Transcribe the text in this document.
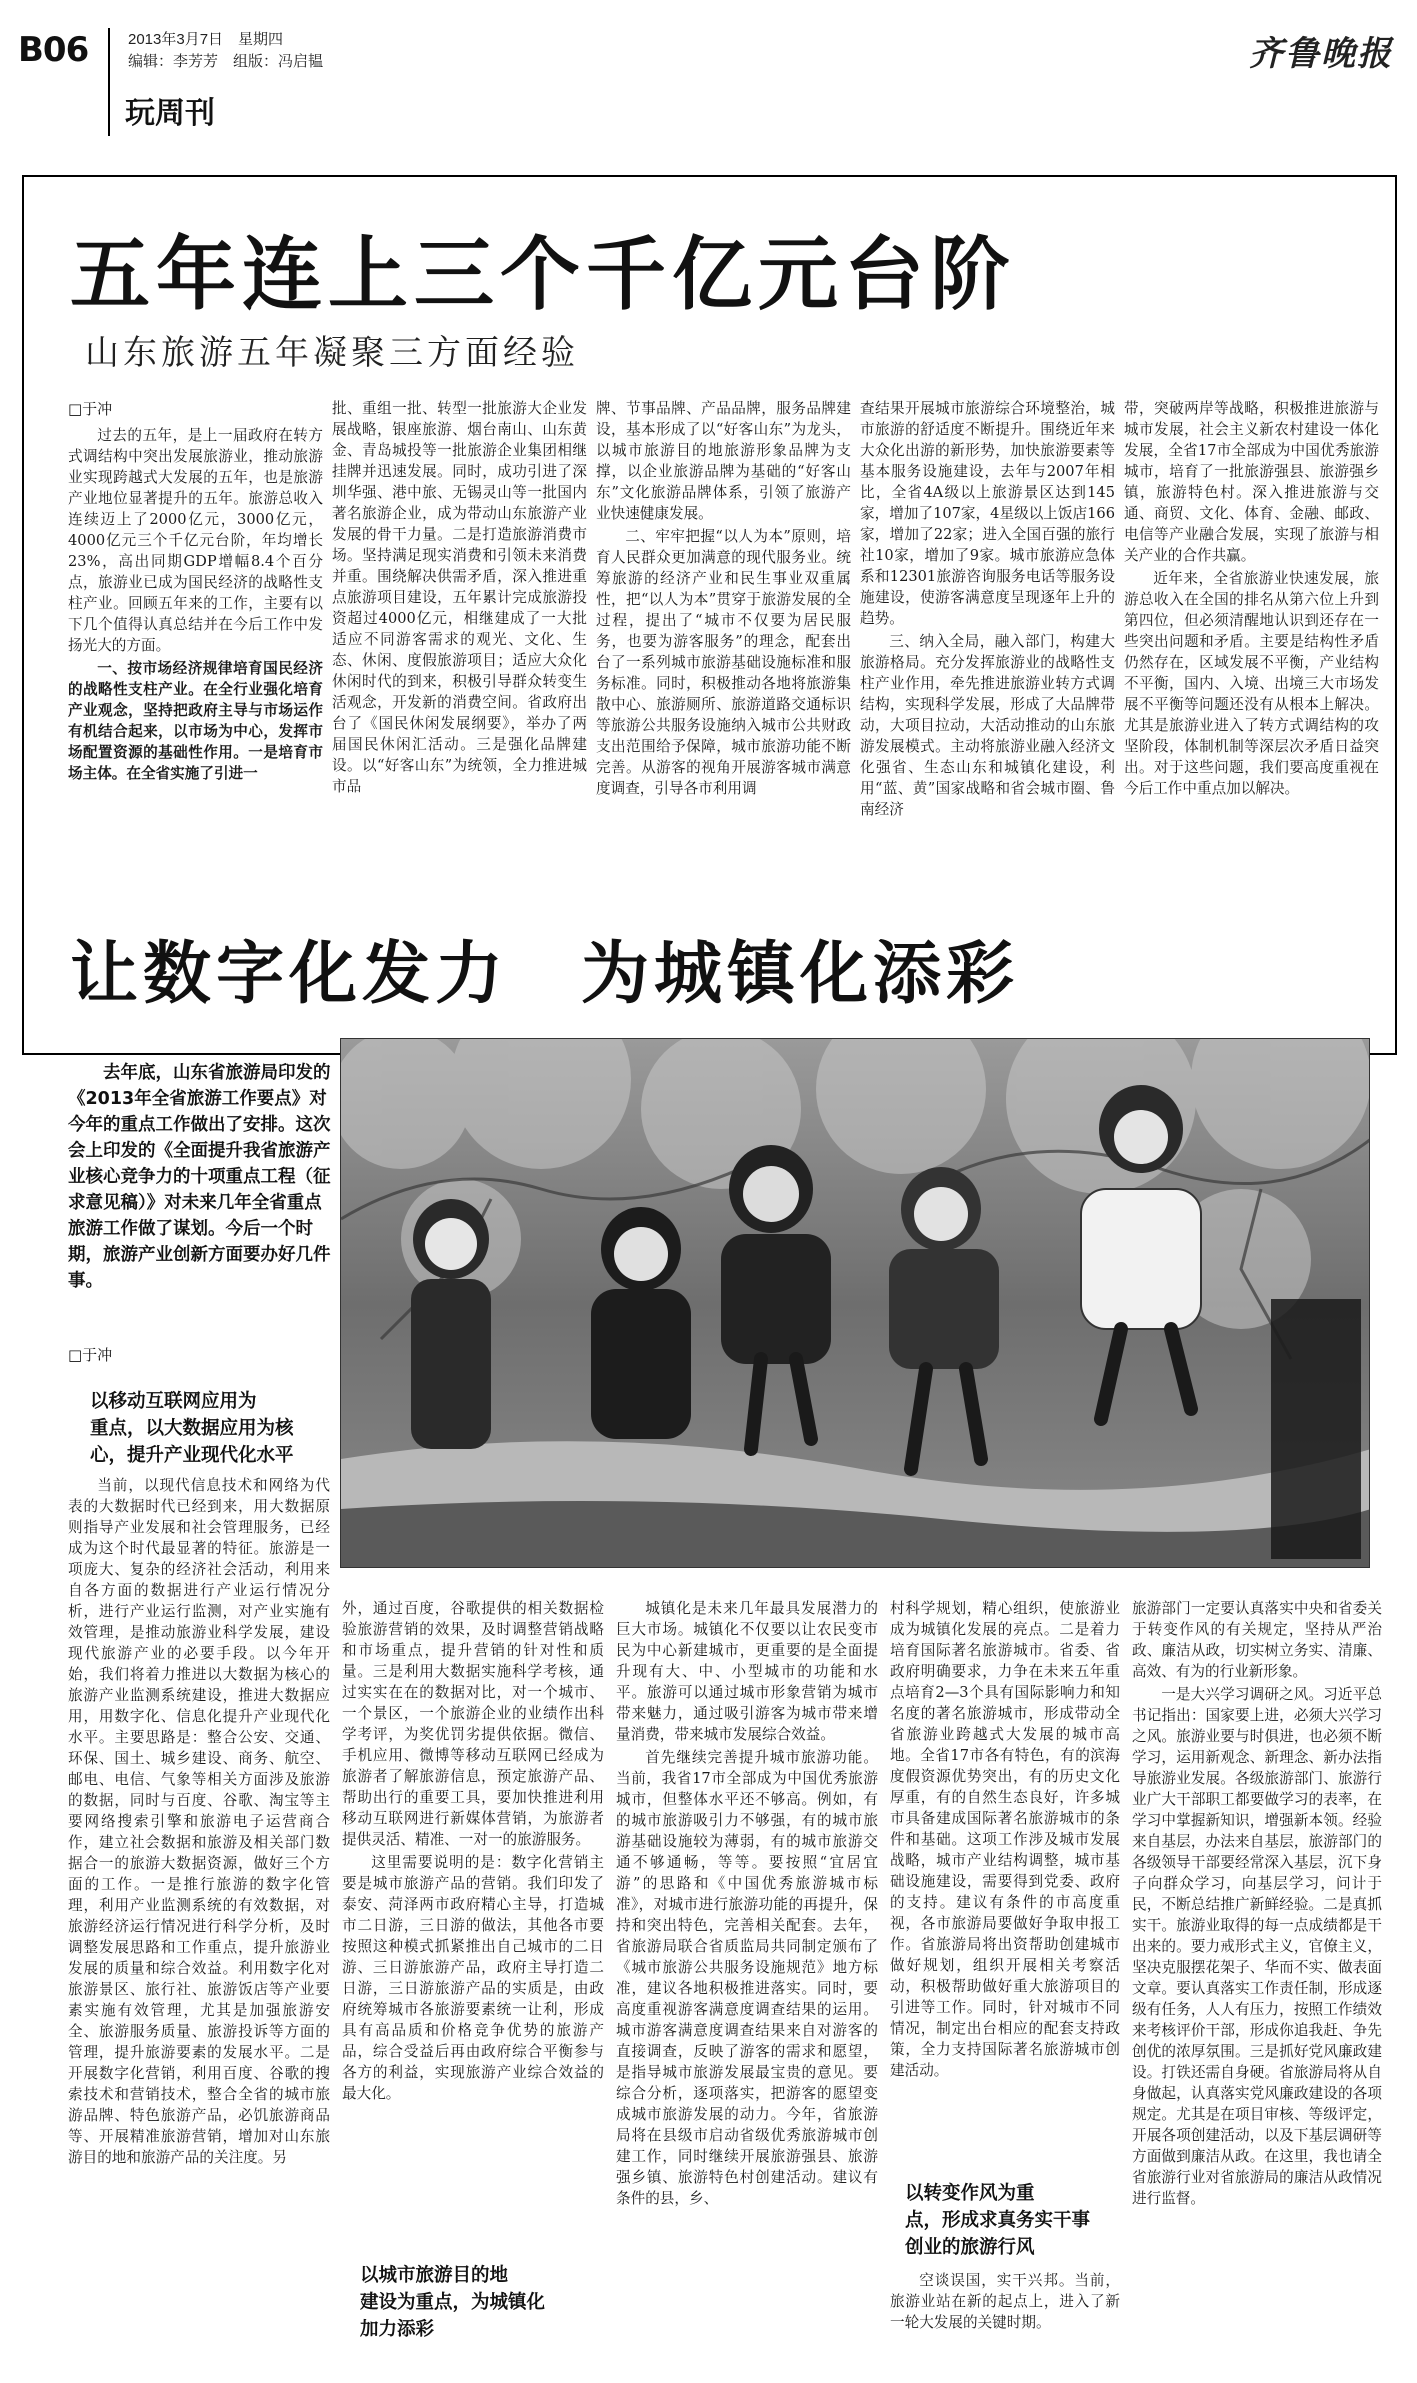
B06	2013年3月7日　星期四
编辑：李芳芳　组版：冯启韫
玩周刊
齐鲁晚报
五年连上三个千亿元台阶
山东旅游五年凝聚三方面经验
□于冲

过去的五年，是上一届政府在转方式调结构中突出发展旅游业，推动旅游业实现跨越式大发展的五年，也是旅游产业地位显著提升的五年。旅游总收入连续迈上了2000亿元，3000亿元，4000亿元三个千亿元台阶，年均增长23%，高出同期GDP增幅8.4个百分点，旅游业已成为国民经济的战略性支柱产业。回顾五年来的工作，主要有以下几个值得认真总结并在今后工作中发扬光大的方面。

一、按市场经济规律培育国民经济的战略性支柱产业。在全行业强化培育产业观念，坚持把政府主导与市场运作有机结合起来，以市场为中心，发挥市场配置资源的基础性作用。一是培育市场主体。在全省实施了引进一

批、重组一批、转型一批旅游大企业发展战略，银座旅游、烟台南山、山东黄金、青岛城投等一批旅游企业集团相继挂牌并迅速发展。同时，成功引进了深圳华强、港中旅、无锡灵山等一批国内著名旅游企业，成为带动山东旅游产业发展的骨干力量。二是打造旅游消费市场。坚持满足现实消费和引领未来消费并重。围绕解决供需矛盾，深入推进重点旅游项目建设，五年累计完成旅游投资超过4000亿元，相继建成了一大批适应不同游客需求的观光、文化、生态、休闲、度假旅游项目；适应大众化休闲时代的到来，积极引导群众转变生活观念，开发新的消费空间。省政府出台了《国民休闲发展纲要》，举办了两届国民休闲汇活动。三是强化品牌建设。以“好客山东”为统领，全力推进城市品

牌、节事品牌、产品品牌，服务品牌建设，基本形成了以“好客山东”为龙头，以城市旅游目的地旅游形象品牌为支撑，以企业旅游品牌为基础的“好客山东”文化旅游品牌体系，引领了旅游产业快速健康发展。

二、牢牢把握“以人为本”原则，培育人民群众更加满意的现代服务业。统筹旅游的经济产业和民生事业双重属性，把“以人为本”贯穿于旅游发展的全过程，提出了“城市不仅要为居民服务，也要为游客服务”的理念，配套出台了一系列城市旅游基础设施标准和服务标准。同时，积极推动各地将旅游集散中心、旅游厕所、旅游道路交通标识等旅游公共服务设施纳入城市公共财政支出范围给予保障，城市旅游功能不断完善。从游客的视角开展游客城市满意度调查，引导各市利用调

查结果开展城市旅游综合环境整治，城市旅游的舒适度不断提升。围绕近年来大众化出游的新形势，加快旅游要素等基本服务设施建设，去年与2007年相比，全省4A级以上旅游景区达到145家，增加了107家，4星级以上饭店166家，增加了22家；进入全国百强的旅行社10家，增加了9家。城市旅游应急体系和12301旅游咨询服务电话等服务设施建设，使游客满意度呈现逐年上升的趋势。

三、纳入全局，融入部门，构建大旅游格局。充分发挥旅游业的战略性支柱产业作用，牵先推进旅游业转方式调结构，实现科学发展，形成了大品牌带动，大项目拉动，大活动推动的山东旅游发展模式。主动将旅游业融入经济文化强省、生态山东和城镇化建设，利用“蓝、黄”国家战略和省会城市圈、鲁南经济

带，突破两岸等战略，积极推进旅游与城市发展，社会主义新农村建设一体化发展，全省17市全部成为中国优秀旅游城市，培育了一批旅游强县、旅游强乡镇，旅游特色村。深入推进旅游与交通、商贸、文化、体育、金融、邮政、电信等产业融合发展，实现了旅游与相关产业的合作共赢。

近年来，全省旅游业快速发展，旅游总收入在全国的排名从第六位上升到第四位，但必须清醒地认识到还存在一些突出问题和矛盾。主要是结构性矛盾仍然存在，区域发展不平衡，产业结构不平衡，国内、入境、出境三大市场发展不平衡等问题还没有从根本上解决。尤其是旅游业进入了转方式调结构的攻坚阶段，体制机制等深层次矛盾日益突出。对于这些问题，我们要高度重视在今后工作中重点加以解决。

让数字化发力　为城镇化添彩

去年底，山东省旅游局印发的《2013年全省旅游工作要点》对今年的重点工作做出了安排。这次会上印发的《全面提升我省旅游产业核心竞争力的十项重点工程（征求意见稿）》对未来几年全省重点旅游工作做了谋划。今后一个时期，旅游产业创新方面要办好几件事。

□于冲
以移动互联网应用为
重点，以大数据应用为核
心，提升产业现代化水平

当前，以现代信息技术和网络为代表的大数据时代已经到来，用大数据原则指导产业发展和社会管理服务，已经成为这个时代最显著的特征。旅游是一项庞大、复杂的经济社会活动，利用来自各方面的数据进行产业运行情况分析，进行产业运行监测，对产业实施有效管理，是推动旅游业科学发展，建设现代旅游产业的必要手段。以今年开始，我们将着力推进以大数据为核心的旅游产业监测系统建设，推进大数据应用，用数字化、信息化提升产业现代化水平。主要思路是：整合公安、交通、环保、国土、城乡建设、商务、航空、邮电、电信、气象等相关方面涉及旅游的数据，同时与百度、谷歌、淘宝等主要网络搜索引擎和旅游电子运营商合作，建立社会数据和旅游及相关部门数据合一的旅游大数据资源，做好三个方面的工作。一是推行旅游的数字化管理，利用产业监测系统的有效数据，对旅游经济运行情况进行科学分析，及时调整发展思路和工作重点，提升旅游业发展的质量和综合效益。利用数字化对旅游景区、旅行社、旅游饭店等产业要素实施有效管理，尤其是加强旅游安全、旅游服务质量、旅游投诉等方面的管理，提升旅游要素的发展水平。二是开展数字化营销，利用百度、谷歌的搜索技术和营销技术，整合全省的城市旅游品牌、特色旅游产品，必饥旅游商品等、开展精准旅游营销，增加对山东旅游目的地和旅游产品的关注度。另

外，通过百度，谷歌提供的相关数据检验旅游营销的效果，及时调整营销战略和市场重点，提升营销的针对性和质量。三是利用大数据实施科学考核，通过实实在在的数据对比，对一个城市、一个景区，一个旅游企业的业绩作出科学考评，为奖优罚劣提供依据。微信、手机应用、微博等移动互联网已经成为旅游者了解旅游信息，预定旅游产品、帮助出行的重要工具，要加快推进利用移动互联网进行新媒体营销，为旅游者提供灵活、精准、一对一的旅游服务。

这里需要说明的是：数字化营销主要是城市旅游产品的营销。我们印发了泰安、菏泽两市政府精心主导，打造城市二日游，三日游的做法，其他各市要按照这种模式抓紧推出自己城市的二日游、三日游旅游产品，政府主导打造二日游，三日游旅游产品的实质是，由政府统筹城市各旅游要素统一让利，形成具有高品质和价格竞争优势的旅游产品，综合受益后再由政府综合平衡参与各方的利益，实现旅游产业综合效益的最大化。

以城市旅游目的地
建设为重点，为城镇化
加力添彩

城镇化是未来几年最具发展潜力的巨大市场。城镇化不仅要以让农民变市民为中心新建城市，更重要的是全面提升现有大、中、小型城市的功能和水平。旅游可以通过城市形象营销为城市带来魅力，通过吸引游客为城市带来增量消费，带来城市发展综合效益。

首先继续完善提升城市旅游功能。当前，我省17市全部成为中国优秀旅游城市，但整体水平还不够高。例如，有的城市旅游吸引力不够强，有的城市旅游基础设施较为薄弱，有的城市旅游交通不够通畅，等等。要按照“宜居宜游”的思路和《中国优秀旅游城市标准》，对城市进行旅游功能的再提升，保持和突出特色，完善相关配套。去年，省旅游局联合省质监局共同制定颁布了《城市旅游公共服务设施规范》地方标准，建议各地积极推进落实。同时，要高度重视游客满意度调查结果的运用。城市游客满意度调查结果来自对游客的直接调查，反映了游客的需求和愿望，是指导城市旅游发展最宝贵的意见。要综合分析，逐项落实，把游客的愿望变成城市旅游发展的动力。今年，省旅游局将在县级市启动省级优秀旅游城市创建工作，同时继续开展旅游强县、旅游强乡镇、旅游特色村创建活动。建议有条件的县，乡、

村科学规划，精心组织，使旅游业成为城镇化发展的亮点。二是着力培育国际著名旅游城市。省委、省政府明确要求，力争在未来五年重点培育2—3个具有国际影响力和知名度的著名旅游城市，形成带动全省旅游业跨越式大发展的城市高地。全省17市各有特色，有的滨海度假资源优势突出，有的历史文化厚重，有的自然生态良好，许多城市具备建成国际著名旅游城市的条件和基础。这项工作涉及城市发展战略，城市产业结构调整，城市基础设施建设，需要得到党委、政府的支持。建议有条件的市高度重视，各市旅游局要做好争取申报工作。省旅游局将出资帮助创建城市做好规划，组织开展相关考察活动，积极帮助做好重大旅游项目的引进等工作。同时，针对城市不同情况，制定出台相应的配套支持政策，全力支持国际著名旅游城市创建活动。

以转变作风为重
点，形成求真务实干事
创业的旅游行风

空谈误国，实干兴邦。当前，旅游业站在新的起点上，进入了新一轮大发展的关键时期。

旅游部门一定要认真落实中央和省委关于转变作风的有关规定，坚持从严治政、廉洁从政，切实树立务实、清廉、高效、有为的行业新形象。

一是大兴学习调研之风。习近平总书记指出：国家要上进，必须大兴学习之风。旅游业要与时俱进，也必须不断学习，运用新观念、新理念、新办法指导旅游业发展。各级旅游部门、旅游行业广大干部职工都要做学习的表率，在学习中掌握新知识，增强新本领。经验来自基层，办法来自基层，旅游部门的各级领导干部要经常深入基层，沉下身子向群众学习，向基层学习，问计于民，不断总结推广新鲜经验。二是真抓实干。旅游业取得的每一点成绩都是干出来的。要力戒形式主义，官僚主义，坚决克服摆花架子、华而不实、做表面文章。要认真落实工作责任制，形成逐级有任务，人人有压力，按照工作绩效来考核评价干部，形成你追我赶、争先创优的浓厚氛围。三是抓好党风廉政建设。打铁还需自身硬。省旅游局将从自身做起，认真落实党风廉政建设的各项规定。尤其是在项目审核、等级评定，开展各项创建活动，以及下基层调研等方面做到廉洁从政。在这里，我也请全省旅游行业对省旅游局的廉洁从政情况进行监督。
